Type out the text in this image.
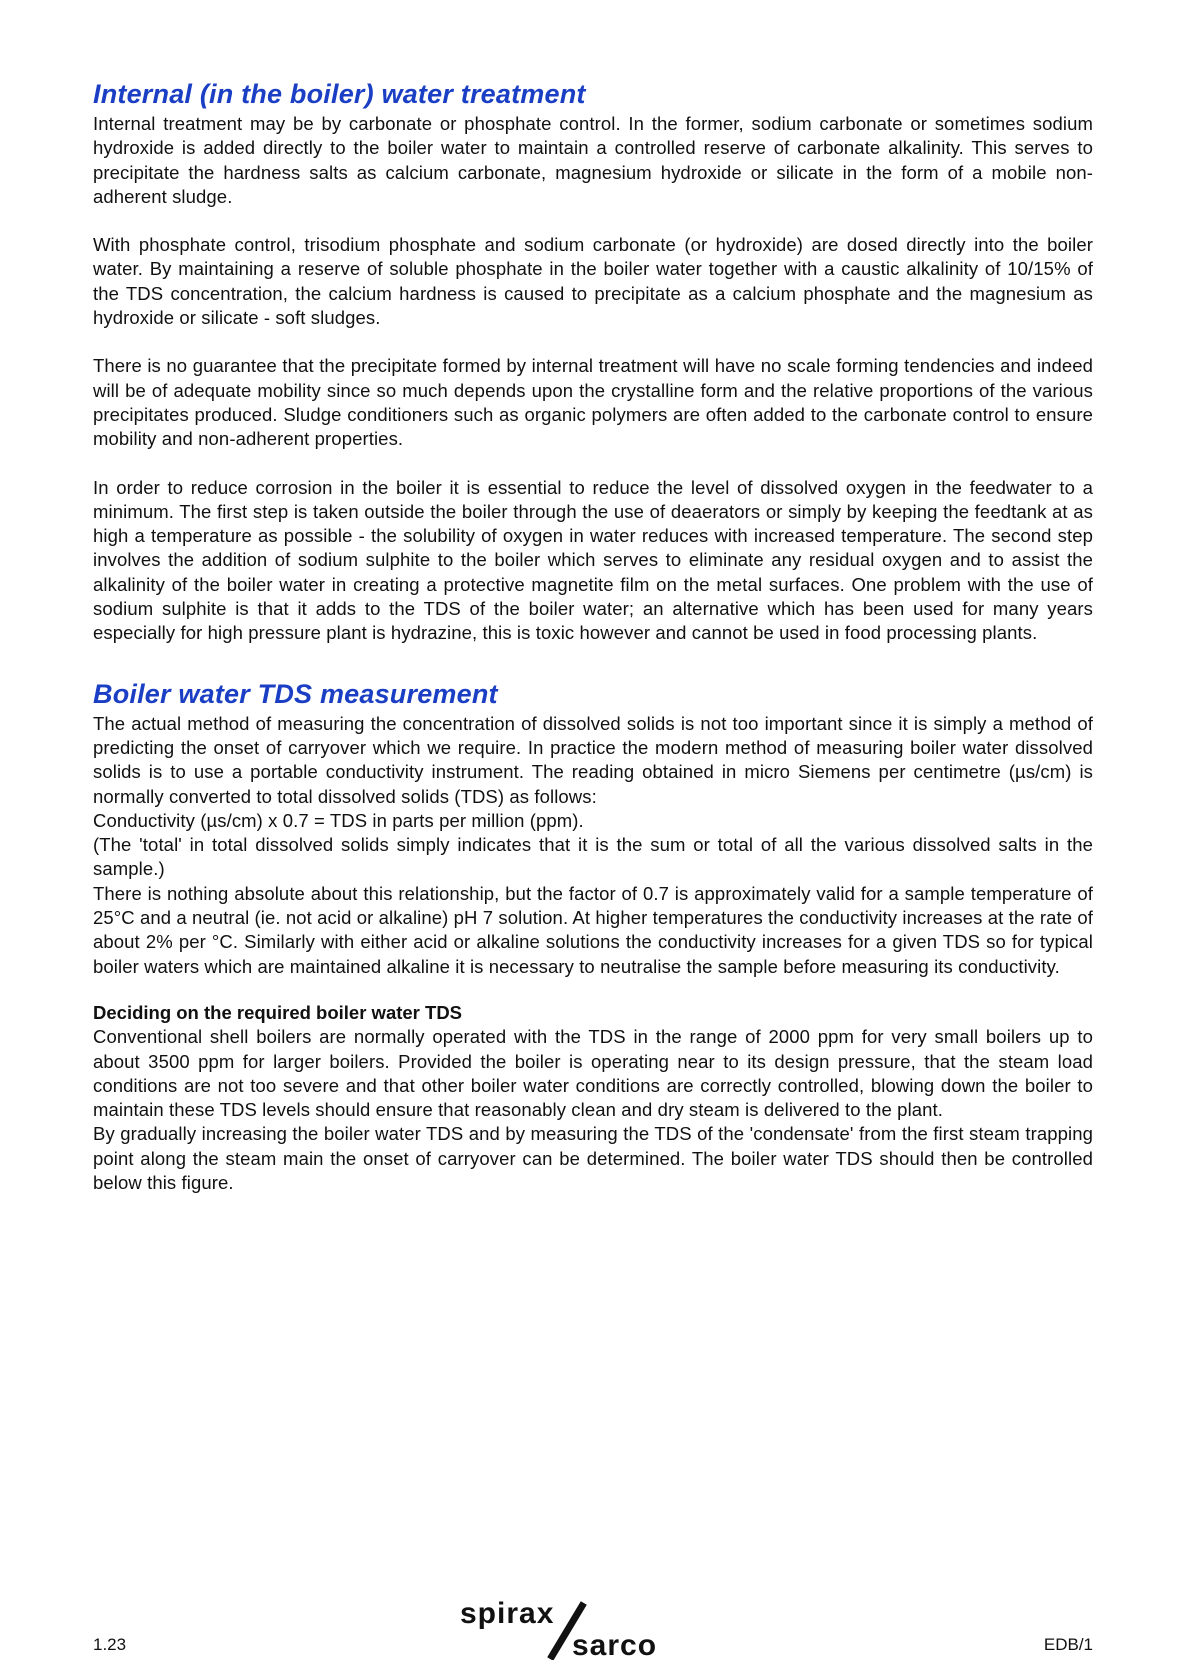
Internal (in the boiler) water treatment

Internal treatment may be by carbonate or phosphate control. In the former, sodium carbonate or sometimes sodium hydroxide is added directly to the boiler water to maintain a controlled reserve of carbonate alkalinity. This serves to precipitate the hardness salts as calcium carbonate, magnesium hydroxide or silicate in the form of a mobile non-adherent sludge.

With phosphate control, trisodium phosphate and sodium carbonate (or hydroxide) are dosed directly into the boiler water. By maintaining a reserve of soluble phosphate in the boiler water together with a caustic alkalinity of 10/15% of the TDS concentration, the calcium hardness is caused to precipitate as a calcium phosphate and the magnesium as hydroxide or silicate - soft sludges.

There is no guarantee that the precipitate formed by internal treatment will have no scale forming tendencies and indeed will be of adequate mobility since so much depends upon the crystalline form and the relative proportions of the various precipitates produced. Sludge conditioners such as organic polymers are often added to the carbonate control to ensure mobility and non-adherent properties.

In order to reduce corrosion in the boiler it is essential to reduce the level of dissolved oxygen in the feedwater to a minimum. The first step is taken outside the boiler through the use of deaerators or simply by keeping the feedtank at as high a temperature as possible - the solubility of oxygen in water reduces with increased temperature. The second step involves the addition of sodium sulphite to the boiler which serves to eliminate any residual oxygen and to assist the alkalinity of the boiler water in creating a protective magnetite film on the metal surfaces. One problem with the use of sodium sulphite is that it adds to the TDS of the boiler water; an alternative which has been used for many years especially for high pressure plant is hydrazine, this is toxic however and cannot be used in food processing plants.

Boiler water TDS measurement

The actual method of measuring the concentration of dissolved solids is not too important since it is simply a method of predicting the onset of carryover which we require. In practice the modern method of measuring boiler water dissolved solids is to use a portable conductivity instrument. The reading obtained in micro Siemens per centimetre (µs/cm) is normally converted to total dissolved solids (TDS) as follows:

Conductivity (µs/cm) x 0.7 = TDS in parts per million (ppm).

(The 'total' in total dissolved solids simply indicates that it is the sum or total of all the various dissolved salts in the sample.)

There is nothing absolute about this relationship, but the factor of 0.7 is approximately valid for a sample temperature of 25°C and a neutral (ie. not acid or alkaline) pH 7 solution. At higher temperatures the conductivity increases at the rate of about 2% per °C. Similarly with either acid or alkaline solutions the conductivity increases for a given TDS so for typical boiler waters which are maintained alkaline it is necessary to neutralise the sample before measuring its conductivity.

Deciding on the required boiler water TDS

Conventional shell boilers are normally operated with the TDS in the range of 2000 ppm for very small boilers up to about 3500 ppm for larger boilers. Provided the boiler is operating near to its design pressure, that the steam load conditions are not too severe and that other boiler water conditions are correctly controlled, blowing down the boiler to maintain these TDS levels should ensure that reasonably clean and dry steam is delivered to the plant.

By gradually increasing the boiler water TDS and by measuring the TDS of the 'condensate' from the first steam trapping point along the steam main the onset of carryover can be determined. The boiler water TDS should then be controlled below this figure.

1.23
spirax
sarco	EDB/1
